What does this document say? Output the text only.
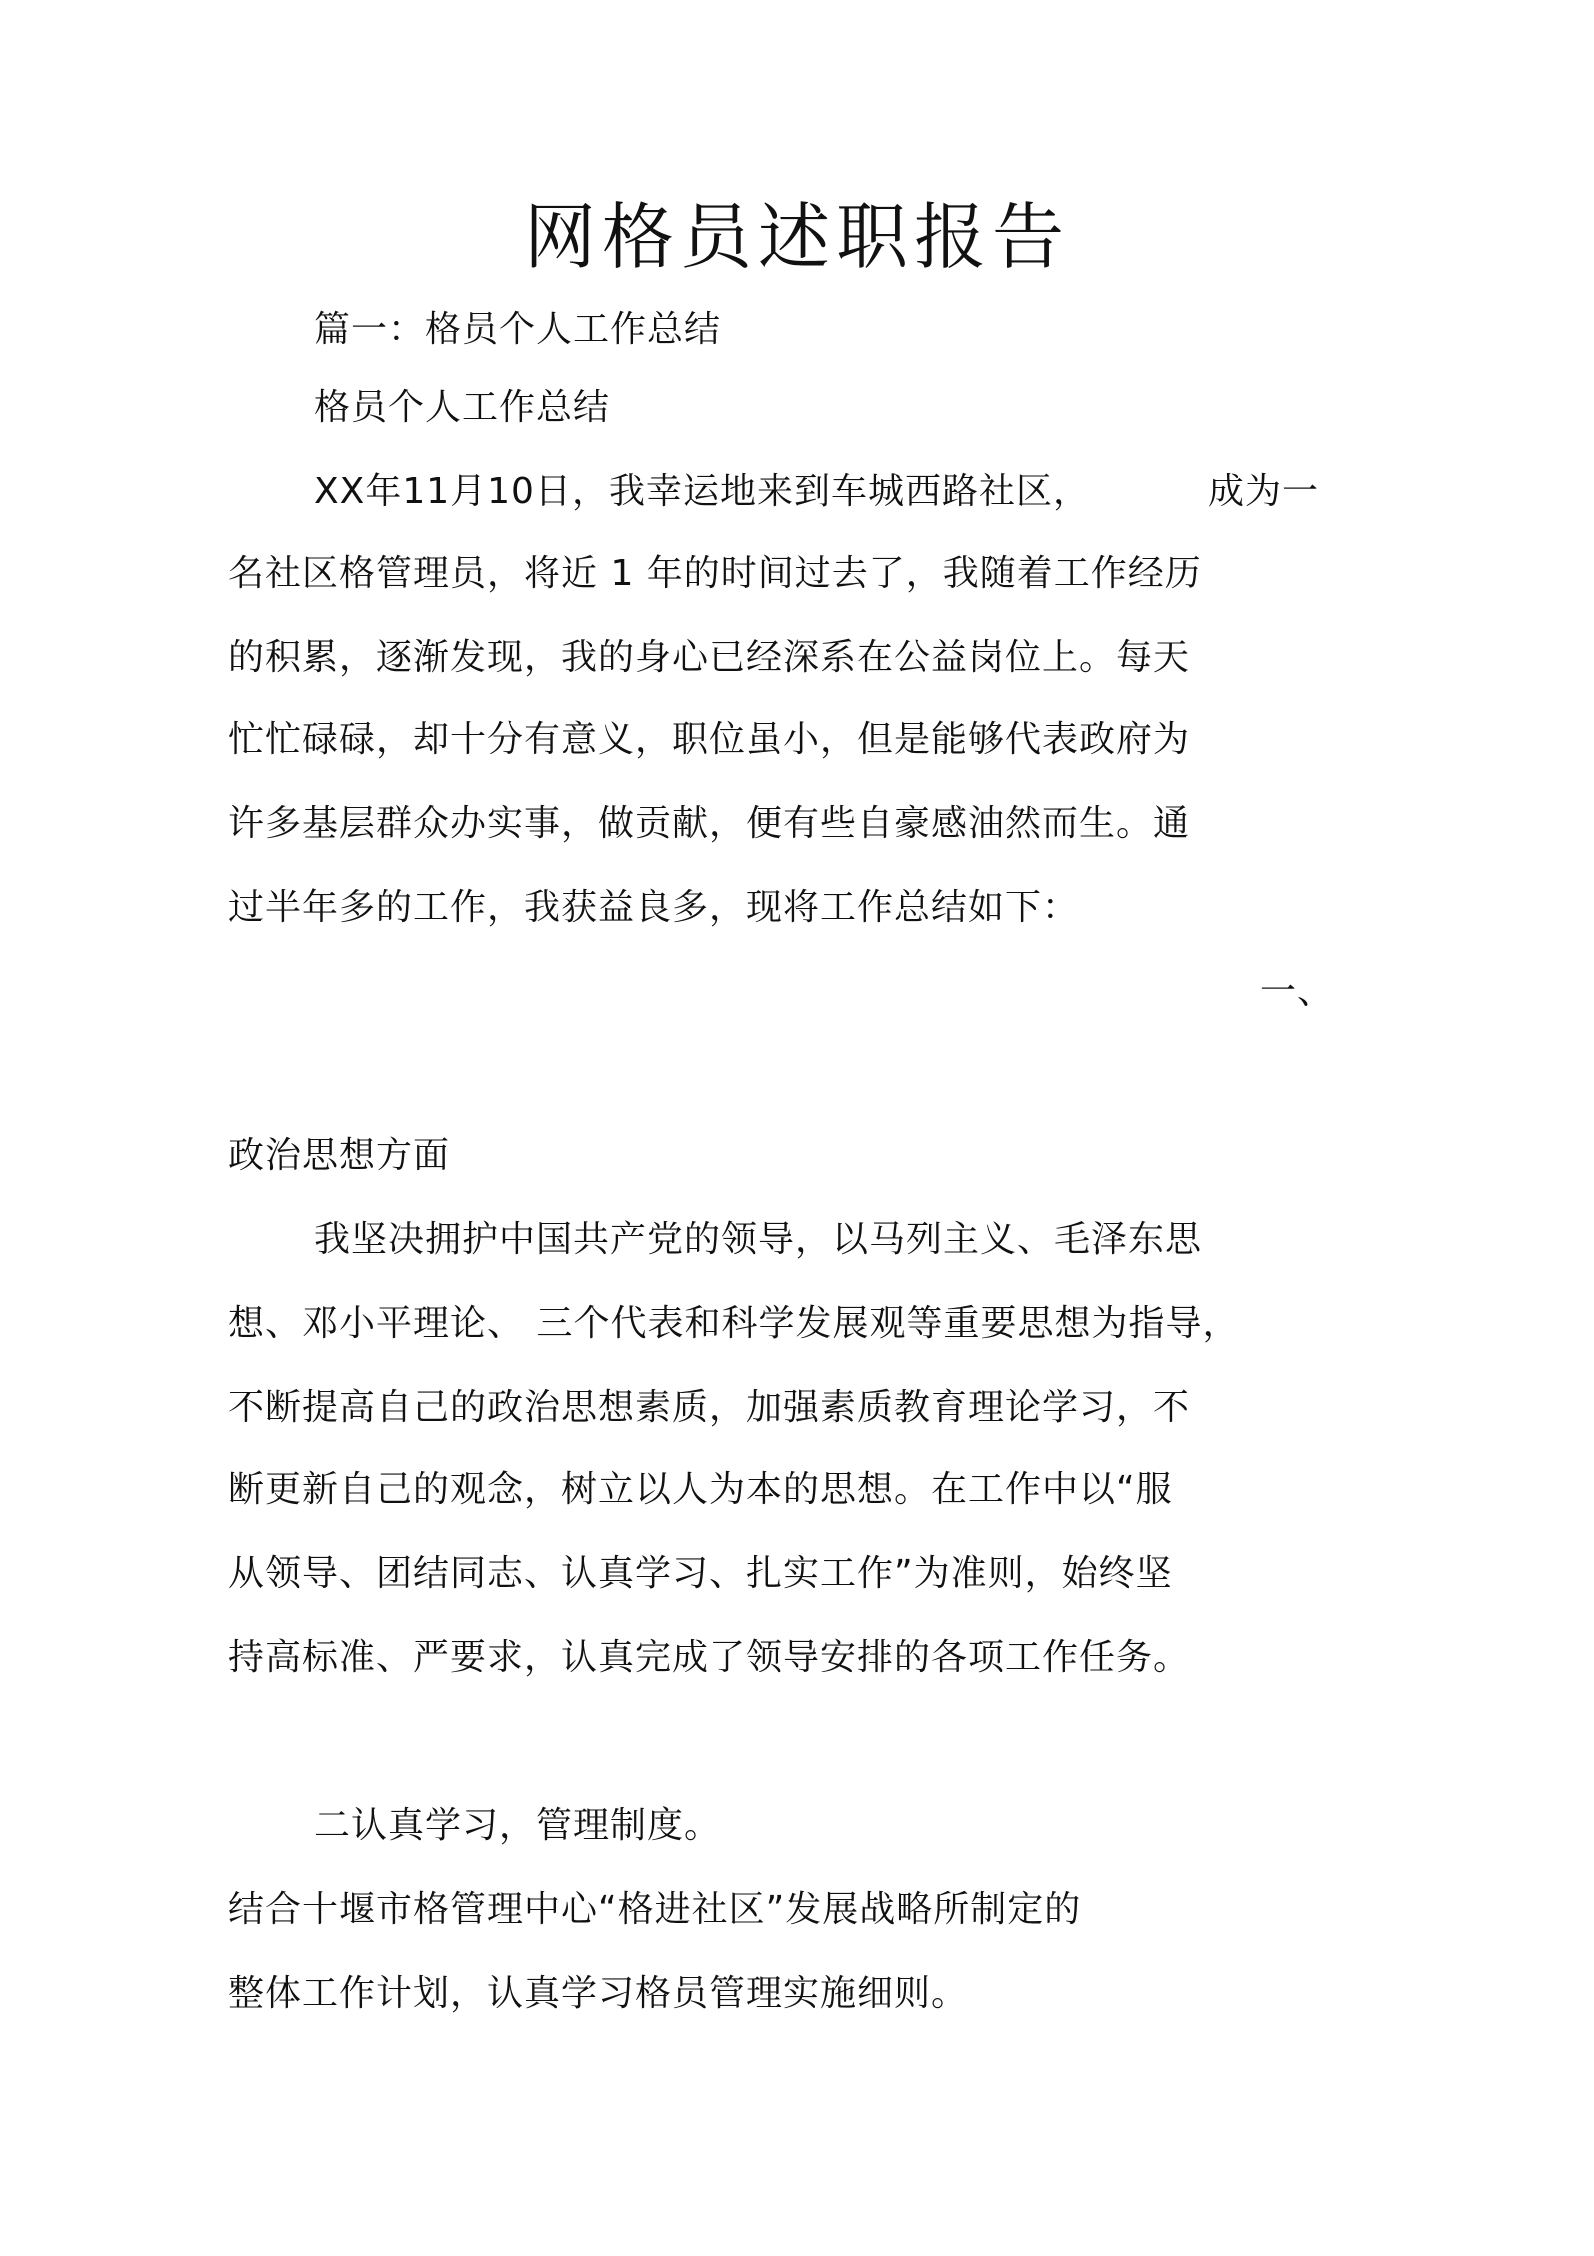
网格员述职报告
篇一：格员个人工作总结
格员个人工作总结
XX年11月10日，我幸运地来到车城西路社区，	成为一
名社区格管理员，将近 1 年的时间过去了，我随着工作经历
的积累，逐渐发现，我的身心已经深系在公益岗位上。每天
忙忙碌碌，却十分有意义，职位虽小，但是能够代表政府为
许多基层群众办实事，做贡献，便有些自豪感油然而生。通
过半年多的工作，我获益良多，现将工作总结如下：
一、
政治思想方面
我坚决拥护中国共产党的领导，以马列主义、毛泽东思
想、邓小平理论、 三个代表和科学发展观等重要思想为指导，
不断提高自己的政治思想素质，加强素质教育理论学习，不
断更新自己的观念，树立以人为本的思想。在工作中以“服
从领导、团结同志、认真学习、扎实工作”为准则，始终坚
持高标准、严要求，认真完成了领导安排的各项工作任务。
二认真学习，管理制度。
结合十堰市格管理中心“格进社区”发展战略所制定的
整体工作计划，认真学习格员管理实施细则。
